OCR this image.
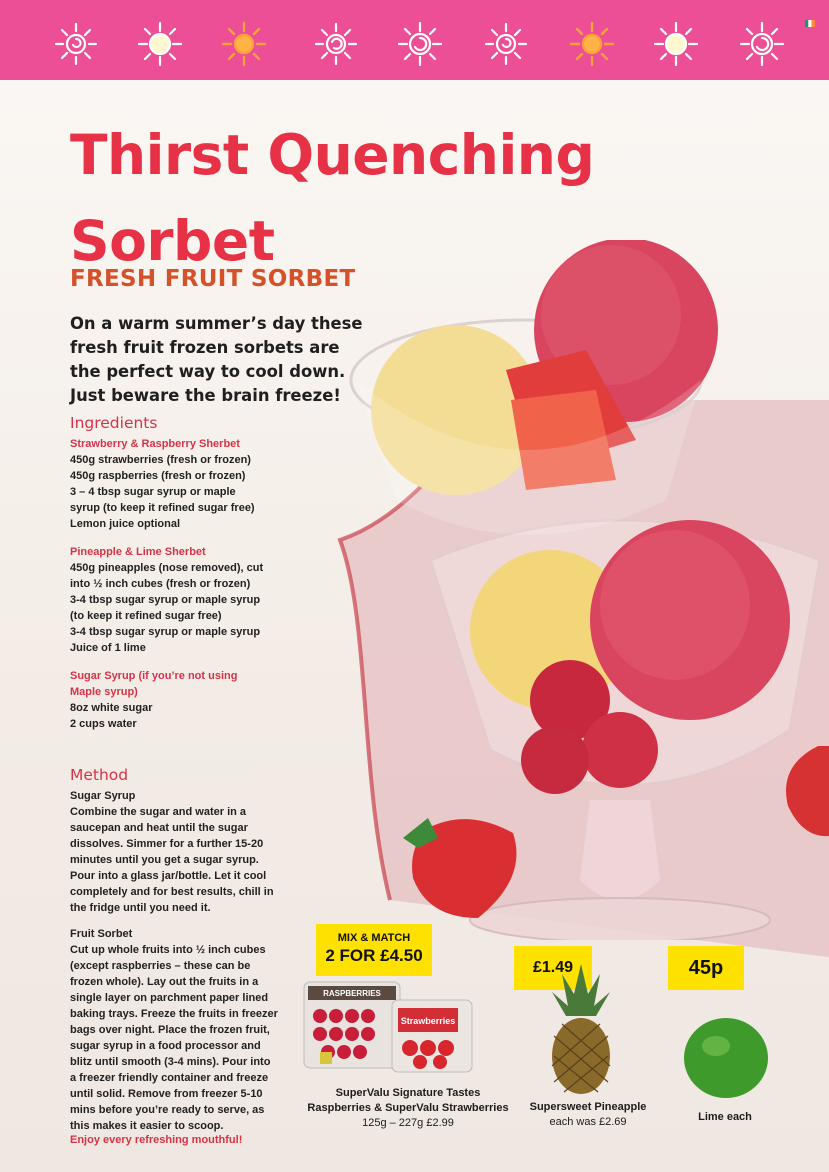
Thirst Quenching Sorbet
FRESH FRUIT SORBET

On a warm summer’s day these fresh fruit frozen sorbets are the perfect way to cool down. Just beware the brain freeze!

Ingredients
Strawberry & Raspberry Sherbet
450g strawberries (fresh or frozen)
450g raspberries (fresh or frozen)
3 – 4 tbsp sugar syrup or maple
syrup (to keep it refined sugar free)
Lemon juice optional
Pineapple & Lime Sherbet
450g pineapples (nose removed), cut
into ½ inch cubes (fresh or frozen)
3-4 tbsp sugar syrup or maple syrup
(to keep it refined sugar free)
3-4 tbsp sugar syrup or maple syrup
Juice of 1 lime
Sugar Syrup (if you’re not using Maple syrup)
8oz white sugar
2 cups water
Method
Sugar Syrup
Combine the sugar and water in a
saucepan and heat until the sugar
dissolves. Simmer for a further 15-20
minutes until you get a sugar syrup.
Pour into a glass jar/bottle. Let it cool
completely and for best results, chill in
the fridge until you need it.
Fruit Sorbet
Cut up whole fruits into ½ inch cubes
(except raspberries – these can be
frozen whole). Lay out the fruits in a
single layer on parchment paper lined
baking trays. Freeze the fruits in freezer
bags over night. Place the frozen fruit,
sugar syrup in a food processor and
blitz until smooth (3-4 mins). Pour into
a freezer friendly container and freeze
until solid. Remove from freezer 5-10
mins before you’re ready to serve, as
this makes it easier to scoop.
Enjoy every refreshing mouthful!
MIX & MATCH
2 FOR £4.50
RASPBERRIES
Strawberries
SuperValu Signature Tastes
Raspberries & SuperValu Strawberries
125g – 227g £2.99
£1.49
Supersweet Pineapple
each was £2.69
45p
Lime each
